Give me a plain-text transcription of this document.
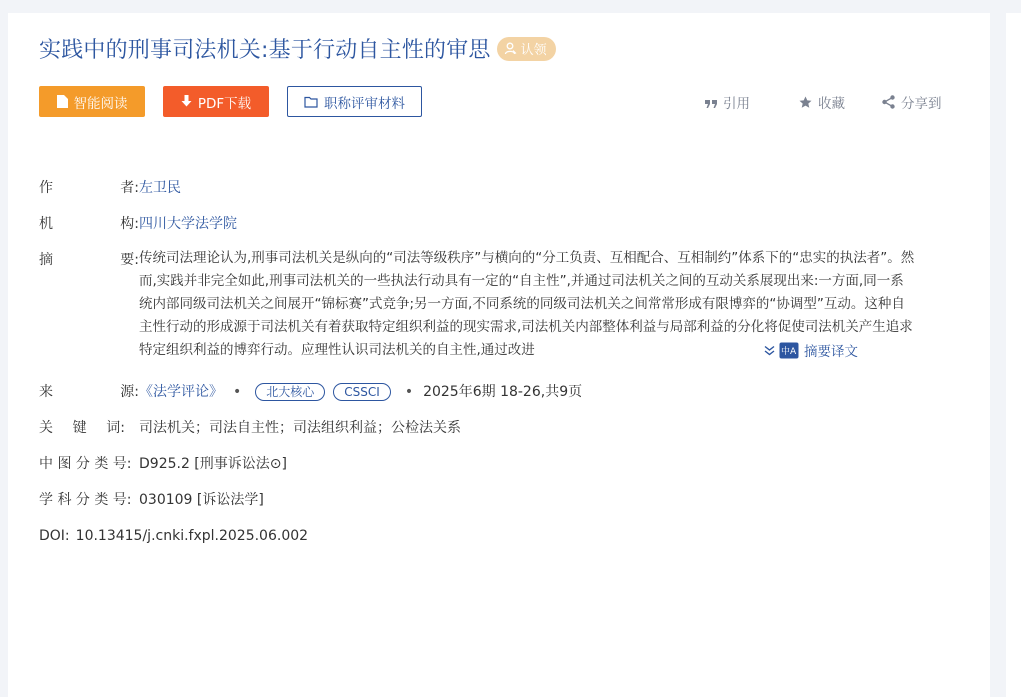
实践中的刑事司法机关:基于行动自主性的审思 认领
智能阅读	PDF下载	职称评审材料	引用	收藏	分享到
作	者: 左卫民
机	构: 四川大学法学院
摘	要: 传统司法理论认为,刑事司法机关是纵向的“司法等级秩序”与横向的“分工负责、互相配合、互相制约”体系下的“忠实的执法者”。然而,实践并非完全如此,刑事司法机关的一些执法行动具有一定的“自主性”,并通过司法机关之间的互动关系展现出来:一方面,同一系统内部同级司法机关之间展开“锦标赛”式竞争;另一方面,不同系统的同级司法机关之间常常形成有限博弈的“协调型”互动。这种自主性行动的形成源于司法机关有着获取特定组织利益的现实需求,司法机关内部整体利益与局部利益的分化将促使司法机关产生追求特定组织利益的博弈行动。应理性认识司法机关的自主性,通过改进	中A 摘要译文
来	源: 《法学评论》 •	北大核心	CSSCI	• 2025年6期 18-26,共9页
关 键 词: 司法机关；司法自主性；司法组织利益；公检法关系
中 图 分 类 号: D925.2 [刑事诉讼法⊙]
学 科 分 类 号: 030109 [诉讼法学]
DOI: 10.13415/j.cnki.fxpl.2025.06.002
